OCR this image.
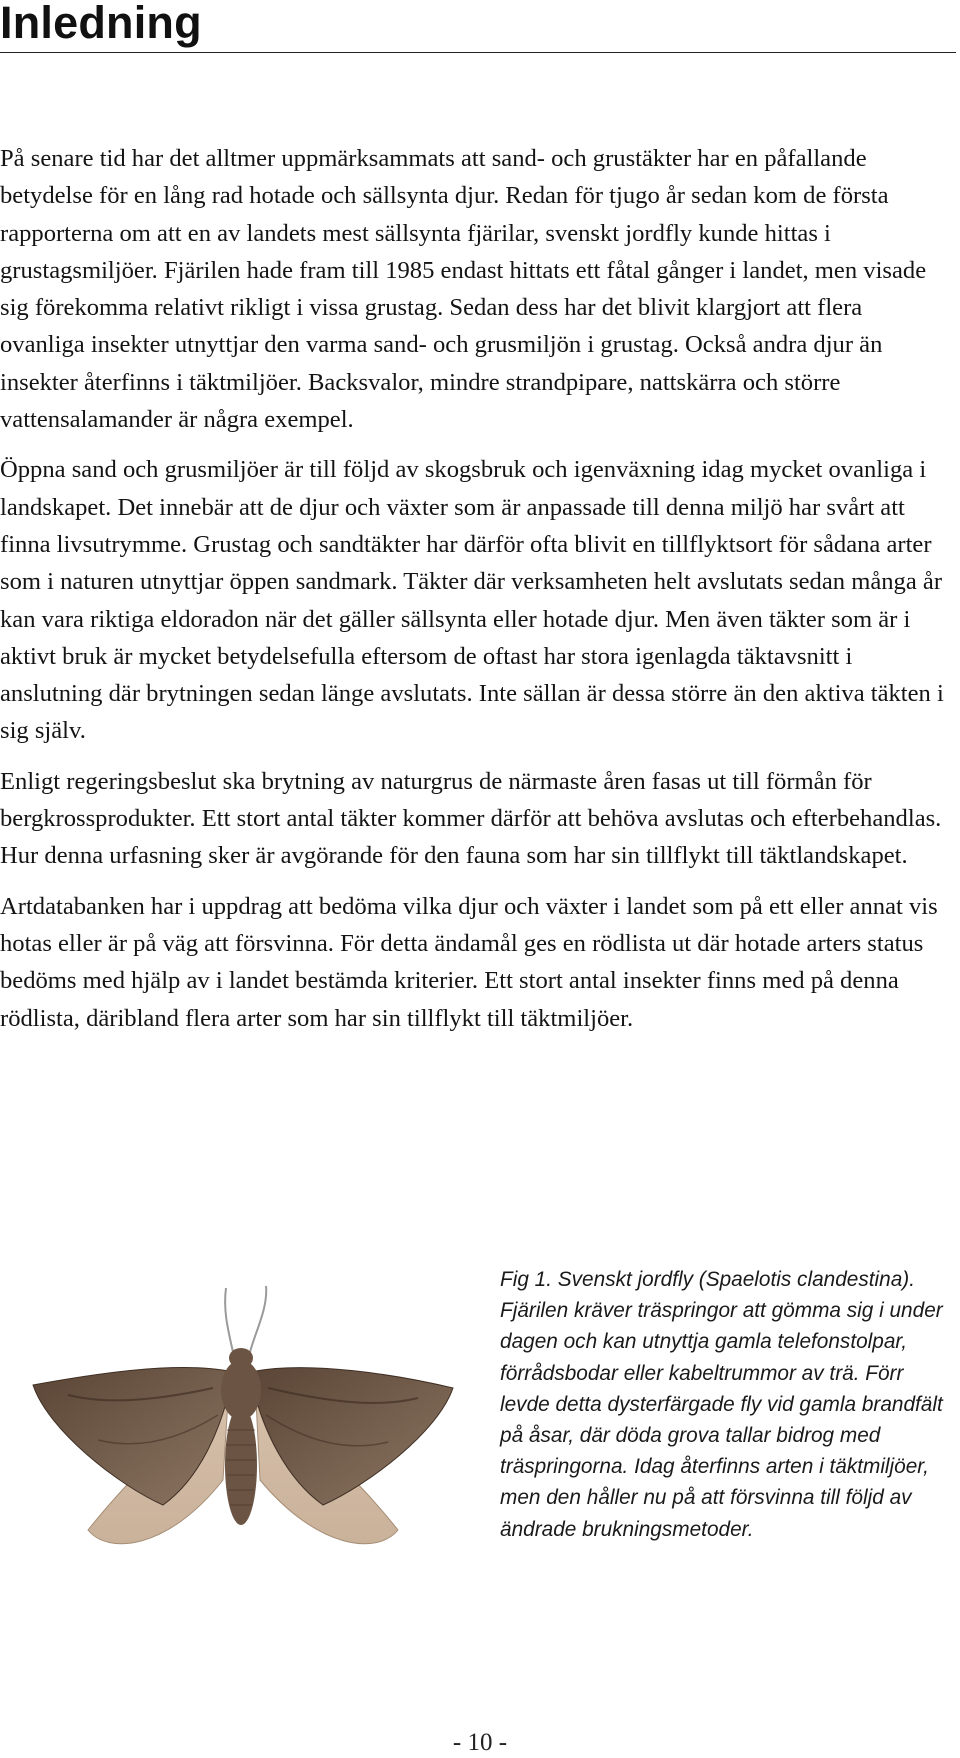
Inledning

På senare tid har det alltmer uppmärksammats att sand- och grustäkter har en påfallande betydelse för en lång rad hotade och sällsynta djur. Redan för tjugo år sedan kom de första rapporterna om att en av landets mest sällsynta fjärilar, svenskt jordfly kunde hittas i grustagsmiljöer. Fjärilen hade fram till 1985 endast hittats ett fåtal gånger i landet, men visade sig förekomma relativt rikligt i vissa grustag. Sedan dess har det blivit klargjort att flera ovanliga insekter utnyttjar den varma sand- och grusmiljön i grustag. Också andra djur än insekter återfinns i täktmiljöer. Backsvalor, mindre strandpipare, nattskärra och större vattensalamander är några exempel.

Öppna sand och grusmiljöer är till följd av skogsbruk och igenväxning idag mycket ovanliga i landskapet. Det innebär att de djur och växter som är anpassade till denna miljö har svårt att finna livsutrymme. Grustag och sandtäkter har därför ofta blivit en tillflyktsort för sådana arter som i naturen utnyttjar öppen sandmark. Täkter där verksamheten helt avslutats sedan många år kan vara riktiga eldoradon när det gäller sällsynta eller hotade djur. Men även täkter som är i aktivt bruk är mycket betydelsefulla eftersom de oftast har stora igenlagda täktavsnitt i anslutning där brytningen sedan länge avslutats. Inte sällan är dessa större än den aktiva täkten i sig själv.

Enligt regeringsbeslut ska brytning av naturgrus de närmaste åren fasas ut till förmån för bergkrossprodukter. Ett stort antal täkter kommer därför att behöva avslutas och efterbehandlas. Hur denna urfasning sker är avgörande för den fauna som har sin tillflykt till täktlandskapet.

Artdatabanken har i uppdrag att bedöma vilka djur och växter i landet som på ett eller annat vis hotas eller är på väg att försvinna. För detta ändamål ges en rödlista ut där hotade arters status bedöms med hjälp av i landet bestämda kriterier. Ett stort antal insekter finns med på denna rödlista, däribland flera arter som har sin tillflykt till täktmiljöer.

Fig 1. Svenskt jordfly (Spaelotis clandestina). Fjärilen kräver träspringor att gömma sig i under dagen och kan utnyttja gamla telefonstolpar, förrådsbodar eller kabeltrummor av trä. Förr levde detta dysterfärgade fly vid gamla brandfält på åsar, där döda grova tallar bidrog med träspringorna. Idag återfinns arten i täktmiljöer, men den håller nu på att försvinna till följd av ändrade brukningsmetoder.

- 10 -
